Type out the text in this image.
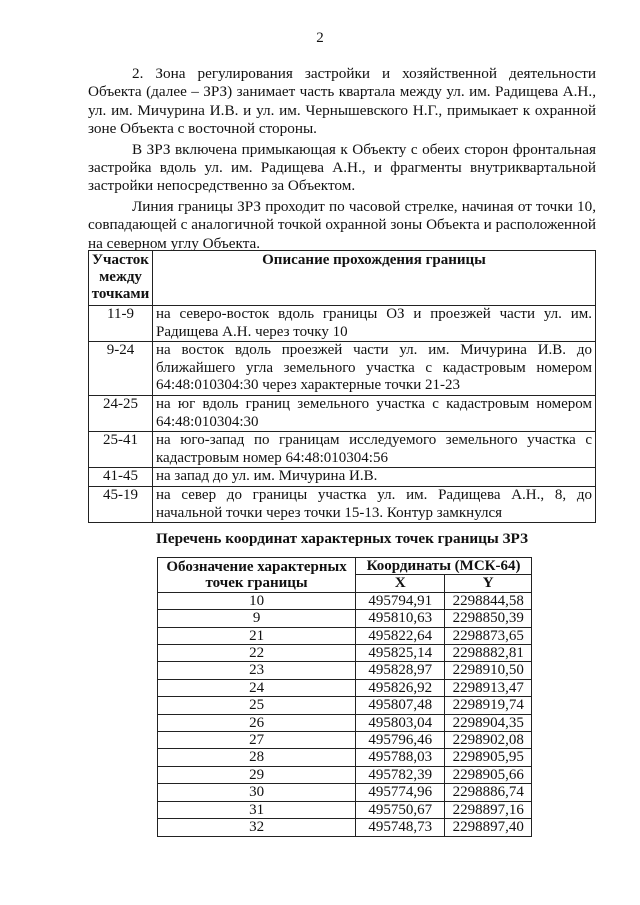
2

2. Зона регулирования застройки и хозяйственной деятельности Объекта (далее – ЗРЗ) занимает часть квартала между ул. им. Радищева А.Н., ул. им. Мичурина И.В. и ул. им. Чернышевского Н.Г., примыкает к охранной зоне Объекта с восточной стороны.

В ЗРЗ включена примыкающая к Объекту с обеих сторон фронтальная застройка вдоль ул. им. Радищева А.Н., и фрагменты внутриквартальной застройки непосредственно за Объектом.

Линия границы ЗРЗ проходит по часовой стрелке, начиная от точки 10, совпадающей с аналогичной точкой охранной зоны Объекта и расположенной на северном углу Объекта.

Участок между точками	Описание прохождения границы
11-9	на северо-восток вдоль границы ОЗ и проезжей части ул. им. Радищева А.Н. через точку 10
9-24	на восток вдоль проезжей части ул. им. Мичурина И.В. до ближайшего угла земельного участка с кадастровым номером 64:48:010304:30 через характерные точки 21-23
24-25	на юг вдоль границ земельного участка с кадастровым номером 64:48:010304:30
25-41	на юго-запад по границам исследуемого земельного участка с кадастровым номер 64:48:010304:56
41-45	на запад до ул. им. Мичурина И.В.
45-19	на север до границы участка ул. им. Радищева А.Н., 8, до начальной точки через точки 15-13. Контур замкнулся
Перечень координат характерных точек границы ЗРЗ
Обозначение характерных точек границы	Координаты (МСК-64)	
	X	Y
10	495794,91	2298844,58
9	495810,63	2298850,39
21	495822,64	2298873,65
22	495825,14	2298882,81
23	495828,97	2298910,50
24	495826,92	2298913,47
25	495807,48	2298919,74
26	495803,04	2298904,35
27	495796,46	2298902,08
28	495788,03	2298905,95
29	495782,39	2298905,66
30	495774,96	2298886,74
31	495750,67	2298897,16
32	495748,73	2298897,40
